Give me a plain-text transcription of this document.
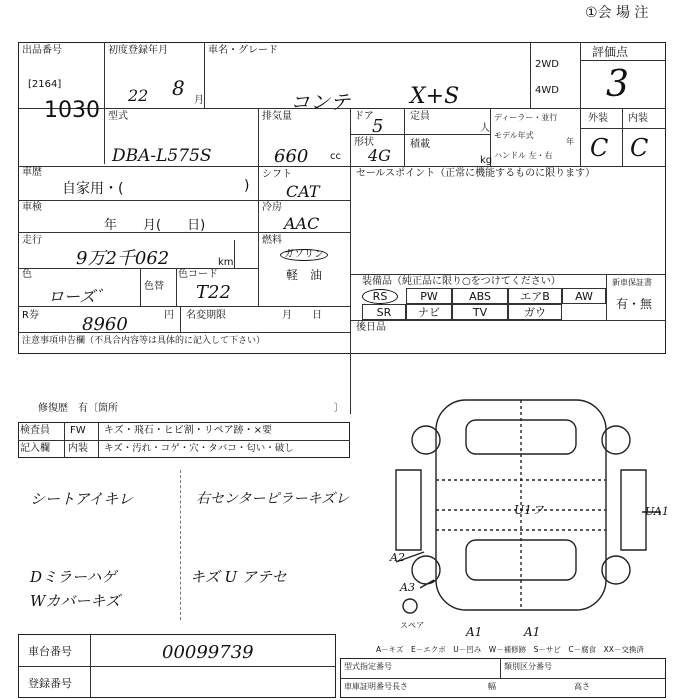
①会 場 注
出品番号
[2164]
1030
初度登録年月
22 8
月
車名・グレード
コンテ	X+S
2WD
4WD
評価点
3
型式
DBA-L575S
排気量
660 cc
ドア
5
形状
4G
定員
人
積載
kg
ディーラー・並行
モデル年式
年
ハンドル 左・右
外装 内装
C C
車歴
自家用・(	)
車検
年　　月(　　日)
走行
9万2千062	km
色
ローズ゛
色替
色コード
T22
シフト
CAT
冷房
AAC
燃料
ガソリン
軽　油
R券 8960	円 名変期限	月　　日
注意事項申告欄（不具合内容等は具体的に記入して下さい）
修復歴　有〔箇所	〕
セールスポイント（正常に機能するものに限ります）
装備品（純正品に限り○をつけてください）	新車保証書
有・無
RS	PW	ABS	エアB	AW
SR	ナビ	TV	ガウ
後日品
検査員
記入欄
FW キズ・飛石・ヒビ割・リペア跡・×要
内装 キズ・汚れ・コゲ・穴・タバコ・匂い・破し
シートアイキレ	右センターピラーキズレ
Dミラーハゲ
Wカバーキズ
キズ U アテセ
U1フ	UA1
A2
A3
A1	A1
スペア
A－キズ　E－エクボ　U－凹み　W－補修跡　S－サビ　C－腐食　XX－交換済
車台番号	00099739
登録番号
型式指定番号	類別区分番号
車庫証明番号 長さ	幅	高さ
